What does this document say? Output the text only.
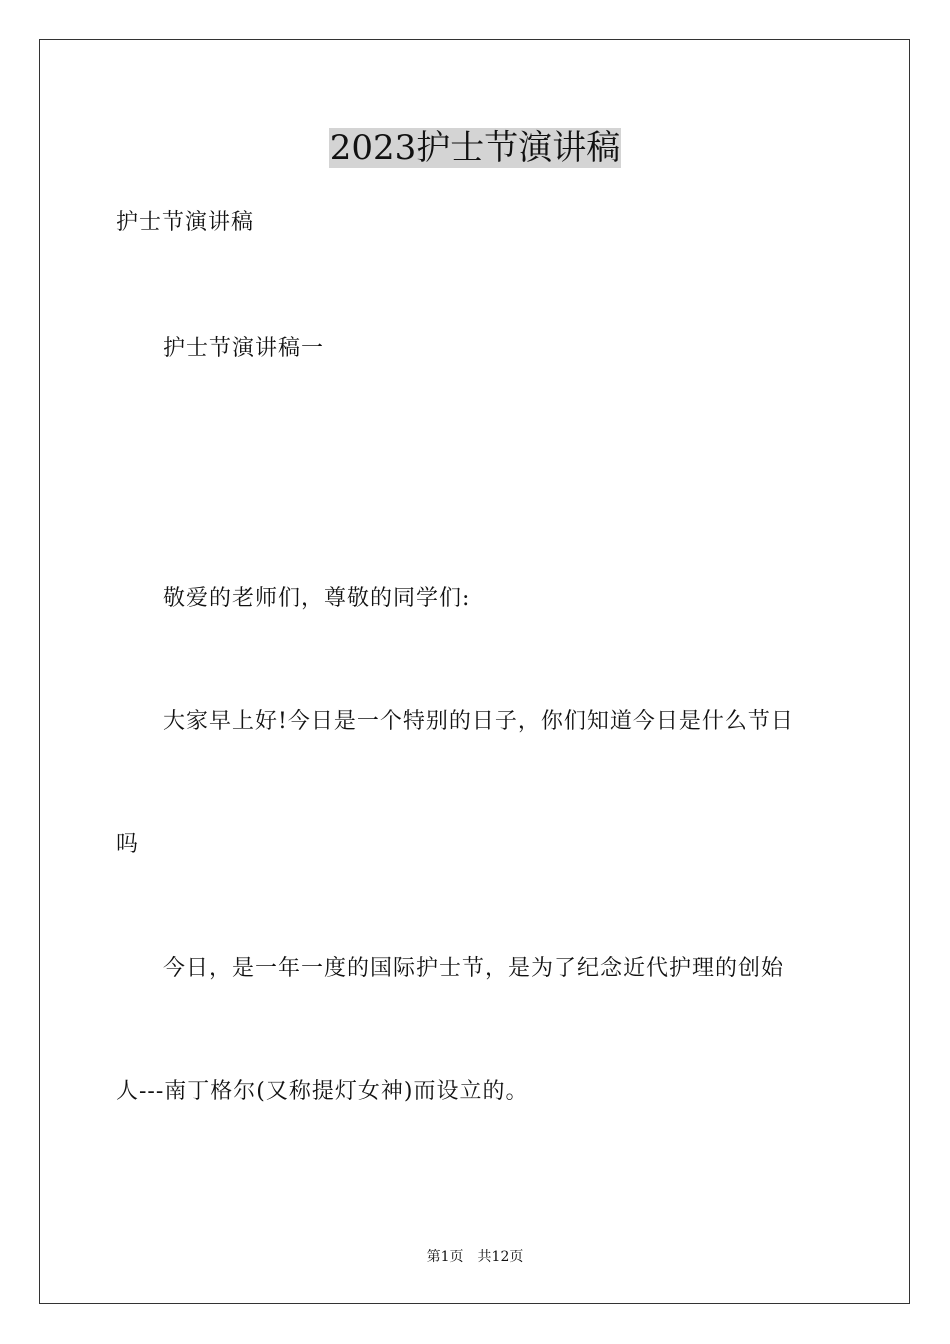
2023护士节演讲稿

护士节演讲稿

护士节演讲稿一

敬爱的老师们，尊敬的同学们:

大家早上好!今日是一个特别的日子，你们知道今日是什么节日

吗

今日，是一年一度的国际护士节，是为了纪念近代护理的创始

人---南丁格尔(又称提灯女神)而设立的。

第1页 共12页
